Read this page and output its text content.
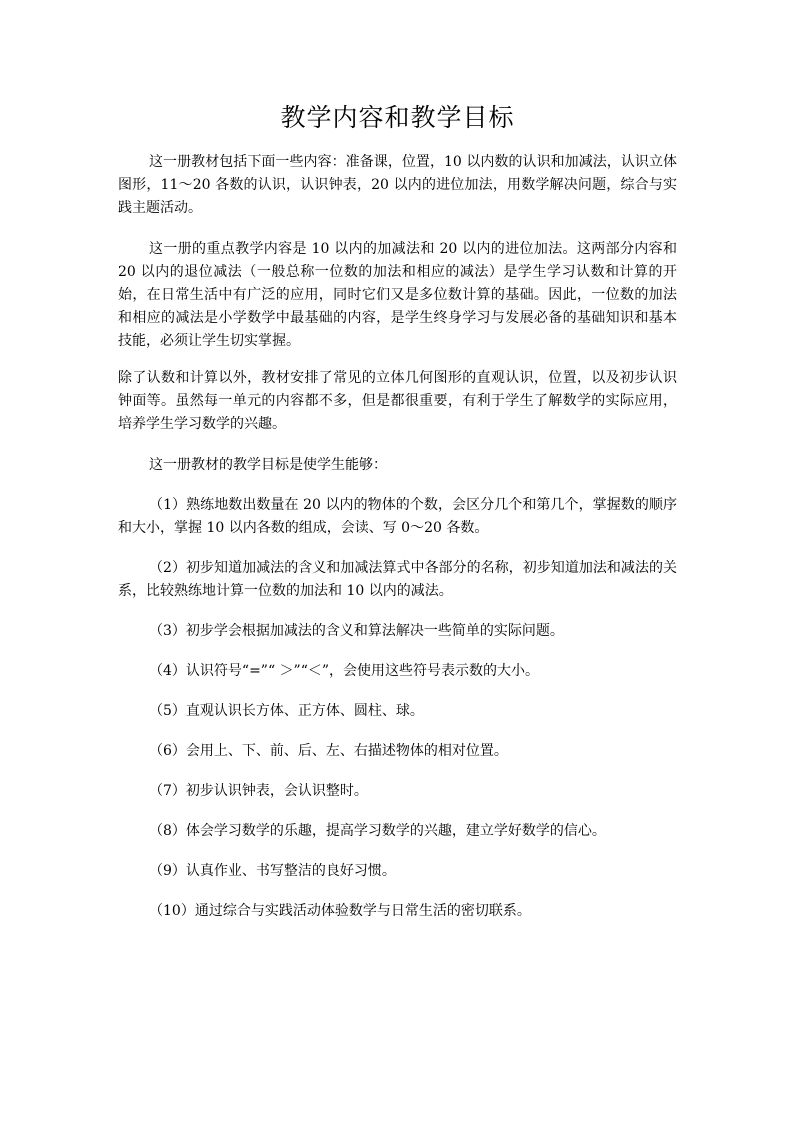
教学内容和教学目标

这一册教材包括下面一些内容：准备课，位置，10 以内数的认识和加减法，认识立体图形，11～20 各数的认识，认识钟表，20 以内的进位加法，用数学解决问题，综合与实践主题活动。

这一册的重点教学内容是 10 以内的加减法和 20 以内的进位加法。这两部分内容和 20 以内的退位减法（一般总称一位数的加法和相应的减法）是学生学习认数和计算的开始，在日常生活中有广泛的应用，同时它们又是多位数计算的基础。因此，一位数的加法和相应的减法是小学数学中最基础的内容，是学生终身学习与发展必备的基础知识和基本技能，必须让学生切实掌握。

除了认数和计算以外，教材安排了常见的立体几何图形的直观认识，位置，以及初步认识钟面等。虽然每一单元的内容都不多，但是都很重要，有利于学生了解数学的实际应用，培养学生学习数学的兴趣。

这一册教材的教学目标是使学生能够：

（1）熟练地数出数量在 20 以内的物体的个数，会区分几个和第几个，掌握数的顺序和大小，掌握 10 以内各数的组成，会读、写 0～20 各数。

（2）初步知道加减法的含义和加减法算式中各部分的名称，初步知道加法和减法的关系，比较熟练地计算一位数的加法和 10 以内的减法。

（3）初步学会根据加减法的含义和算法解决一些简单的实际问题。

（4）认识符号“=”“ ＞”“＜”，会使用这些符号表示数的大小。

（5）直观认识长方体、正方体、圆柱、球。

（6）会用上、下、前、后、左、右描述物体的相对位置。

（7）初步认识钟表，会认识整时。

（8）体会学习数学的乐趣，提高学习数学的兴趣，建立学好数学的信心。

（9）认真作业、书写整洁的良好习惯。

（10）通过综合与实践活动体验数学与日常生活的密切联系。
